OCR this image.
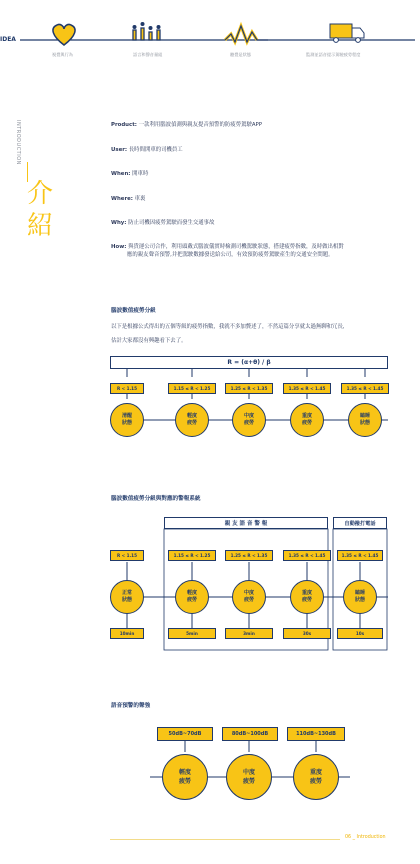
IDEA
視覺與行為	語言和聲音量組	聽覺是狀態	監測並語音提示駕駛疲勞程度
INTRODUCTION
介紹
Product: 一款利用腦波偵測與親友提音預警的防疲勞駕駛APP
User: 長時間開車的司機員工
When: 開車時
Where: 車裏
Why: 防止司機因疲勞駕駛而發生交通事故
How: 與貨運公司合作，利用頭戴式腦波儀實時檢測司機駕駛狀態，搭建疲勞指數，及時做出相對
應的親友聲音預警,并把駕駛數據發送給公司，有效預防疲勞駕駛產生的交通安全問題。
腦波數值疲勞分級
以下是根據公式得出的五個等級的疲勞指數，我就不多加贅述了，不然這篇分享就太過無聊和冗長,
估計大家都沒有興趣看下去了。
R = (α+θ) / β
R < 1.15	1.15 ≤ R < 1.25	1.25 ≤ R < 1.35	1.35 ≤ R < 1.45	1.35 ≤ R < 1.45
清醒
狀態
輕度
疲勞
中度
疲勞
重度
疲勞
瞌睡
狀態
腦波數值疲勞分級與對應的警報系統
親 友 語 音 警 報	自動撥打電話
R < 1.15	1.15 ≤ R < 1.25	1.25 ≤ R < 1.35	1.35 ≤ R < 1.45	1.35 ≤ R < 1.45
正常
狀態
輕度
疲勞
中度
疲勞
重度
疲勞
瞌睡
狀態
10min	5min	3min	30s	10s
語音預警的聲強
50dB~70dB	80dB~100dB	110dB~130dB
輕度
疲勞
中度
疲勞
重度
疲勞
06 _ Introduction
